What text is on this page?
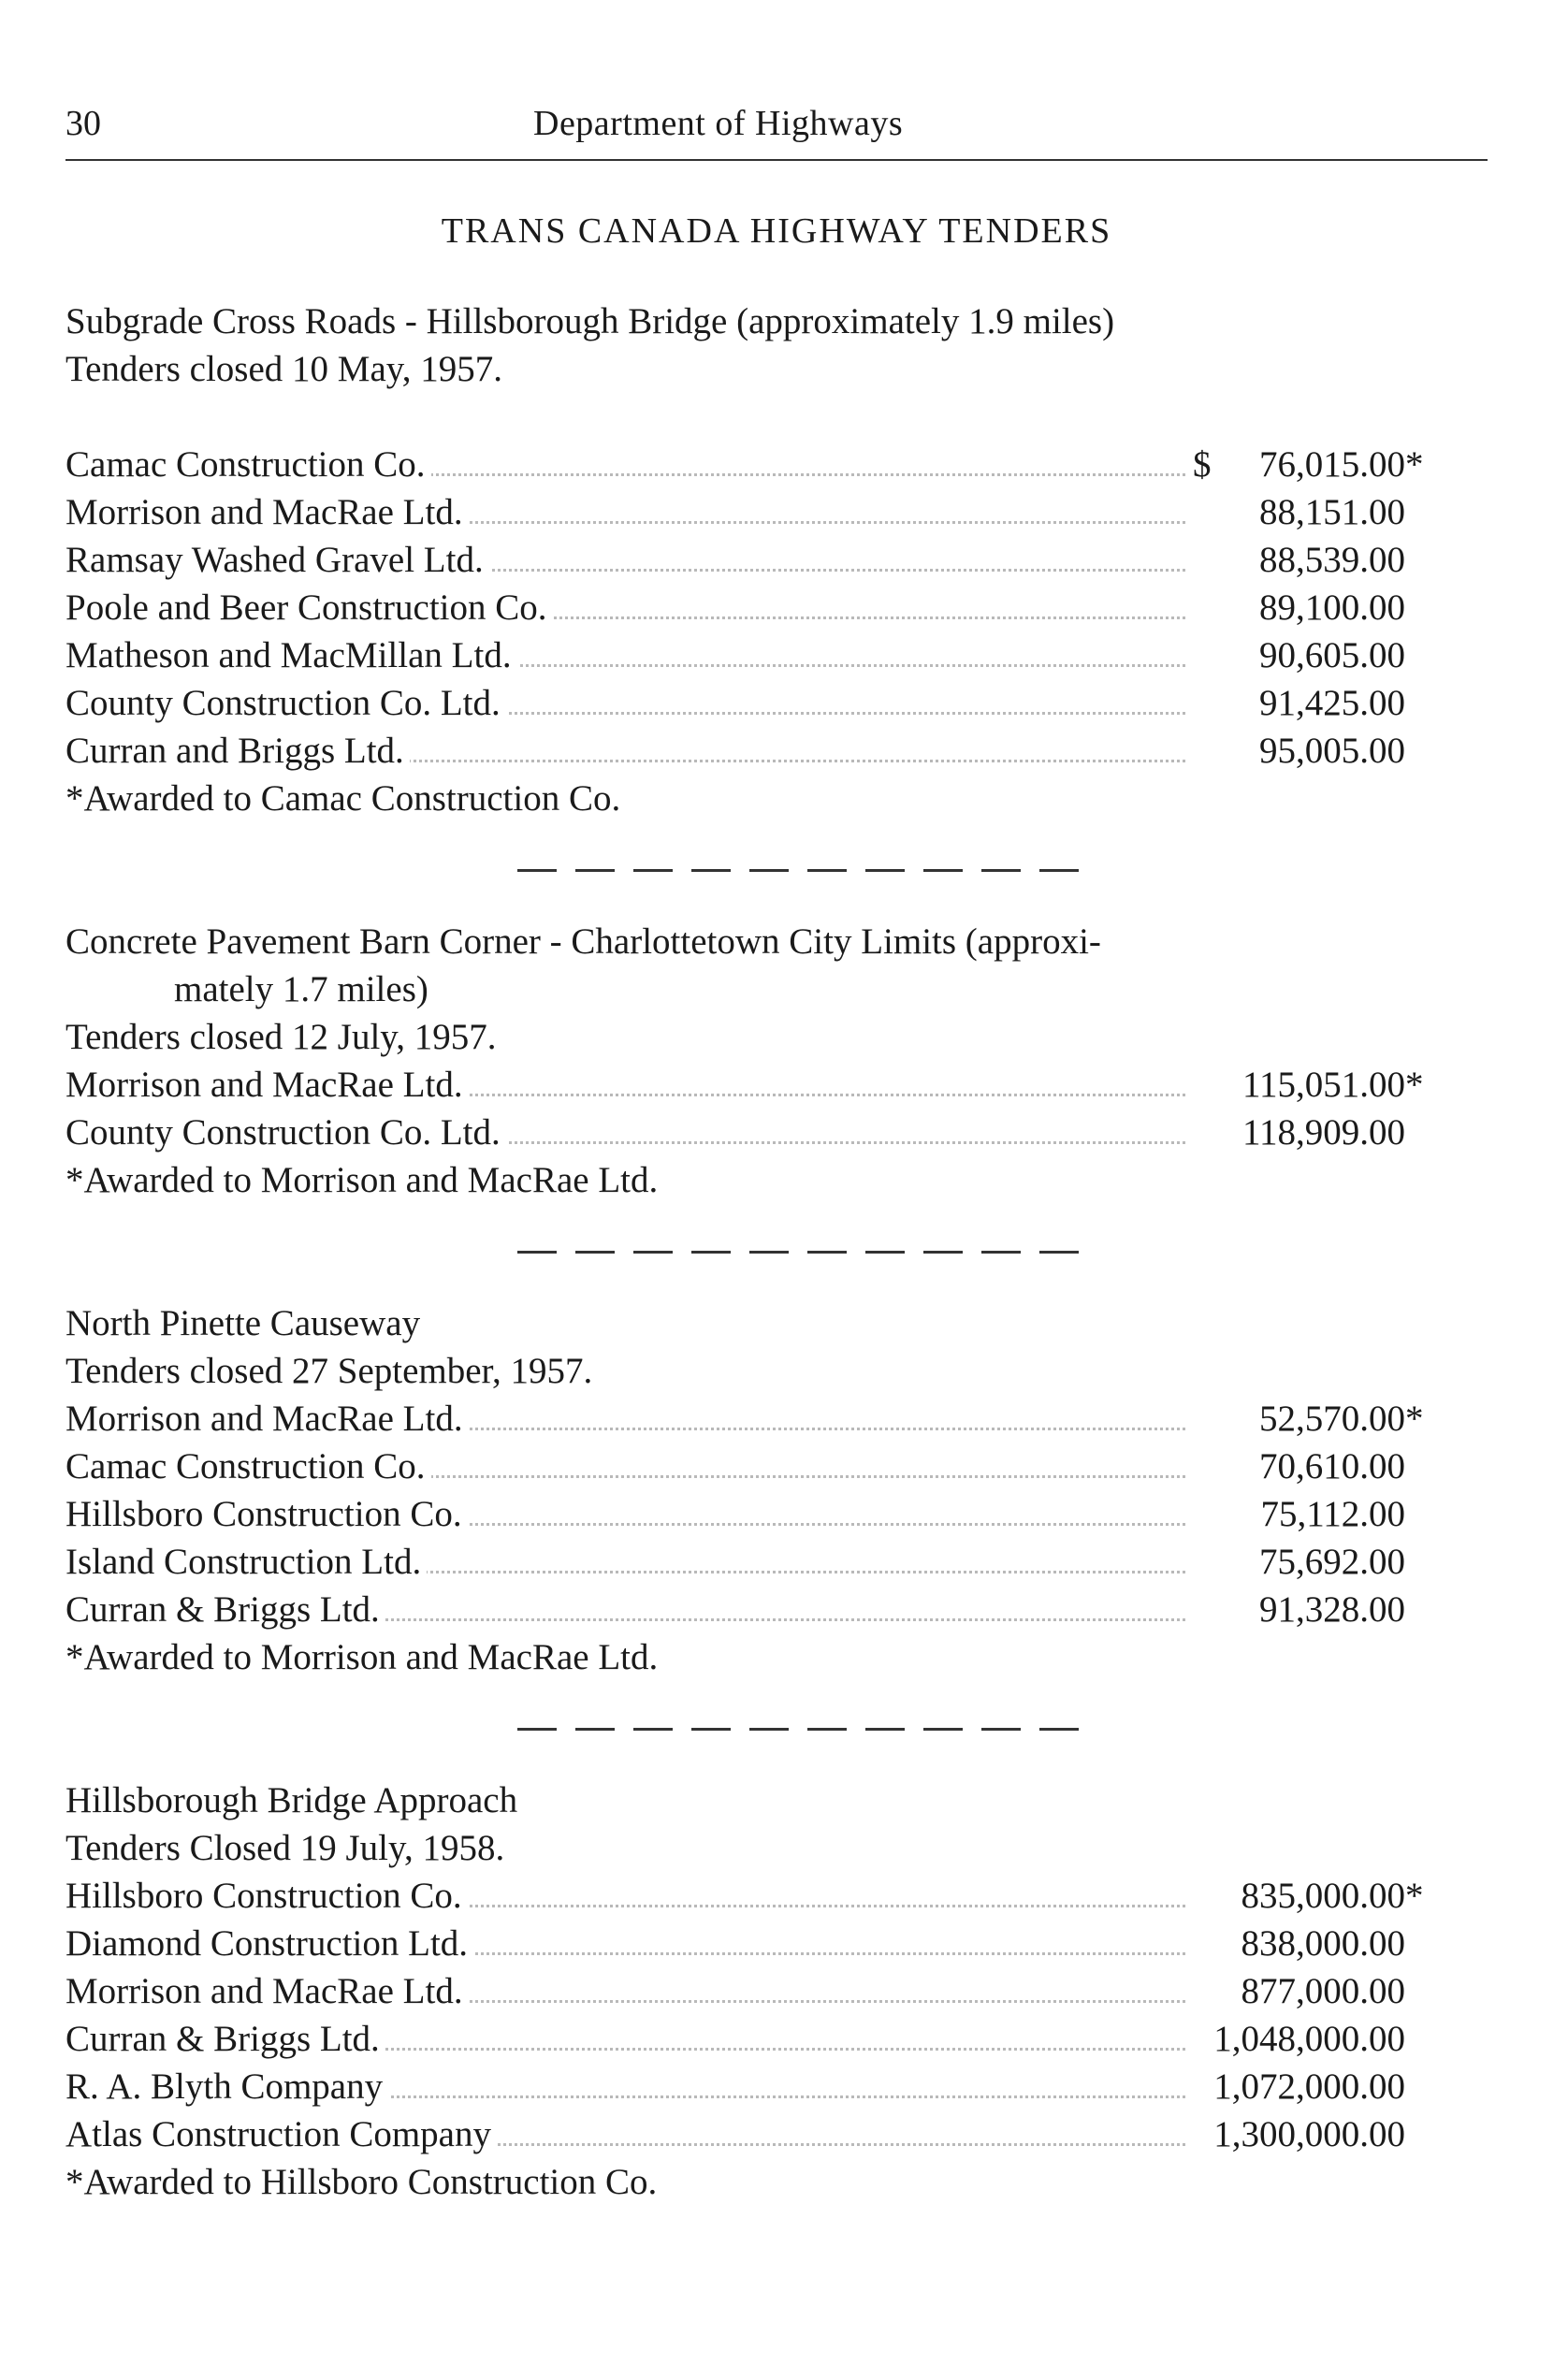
30	Department of Highways
TRANS CANADA HIGHWAY TENDERS
Subgrade Cross Roads - Hillsborough Bridge (approximately 1.9 miles)
Tenders closed 10 May, 1957.
Camac Construction Co.	$ 76,015.00 *
Morrison and MacRae Ltd.	88,151.00
Ramsay Washed Gravel Ltd.	88,539.00
Poole and Beer Construction Co.	89,100.00
Matheson and MacMillan Ltd.	90,605.00
County Construction Co. Ltd.	91,425.00
Curran and Briggs Ltd.	95,005.00
*Awarded to Camac Construction Co.
Concrete Pavement Barn Corner - Charlottetown City Limits (approxi-
mately 1.7 miles)
Tenders closed 12 July, 1957.
Morrison and MacRae Ltd.	115,051.00 *
County Construction Co. Ltd.	118,909.00
*Awarded to Morrison and MacRae Ltd.
North Pinette Causeway
Tenders closed 27 September, 1957.
Morrison and MacRae Ltd.	52,570.00 *
Camac Construction Co.	70,610.00
Hillsboro Construction Co.	75,112.00
Island Construction Ltd.	75,692.00
Curran & Briggs Ltd.	91,328.00
*Awarded to Morrison and MacRae Ltd.
Hillsborough Bridge Approach
Tenders Closed 19 July, 1958.
Hillsboro Construction Co.	835,000.00 *
Diamond Construction Ltd.	838,000.00
Morrison and MacRae Ltd.	877,000.00
Curran & Briggs Ltd.	1,048,000.00
R. A. Blyth Company	1,072,000.00
Atlas Construction Company	1,300,000.00
*Awarded to Hillsboro Construction Co.
